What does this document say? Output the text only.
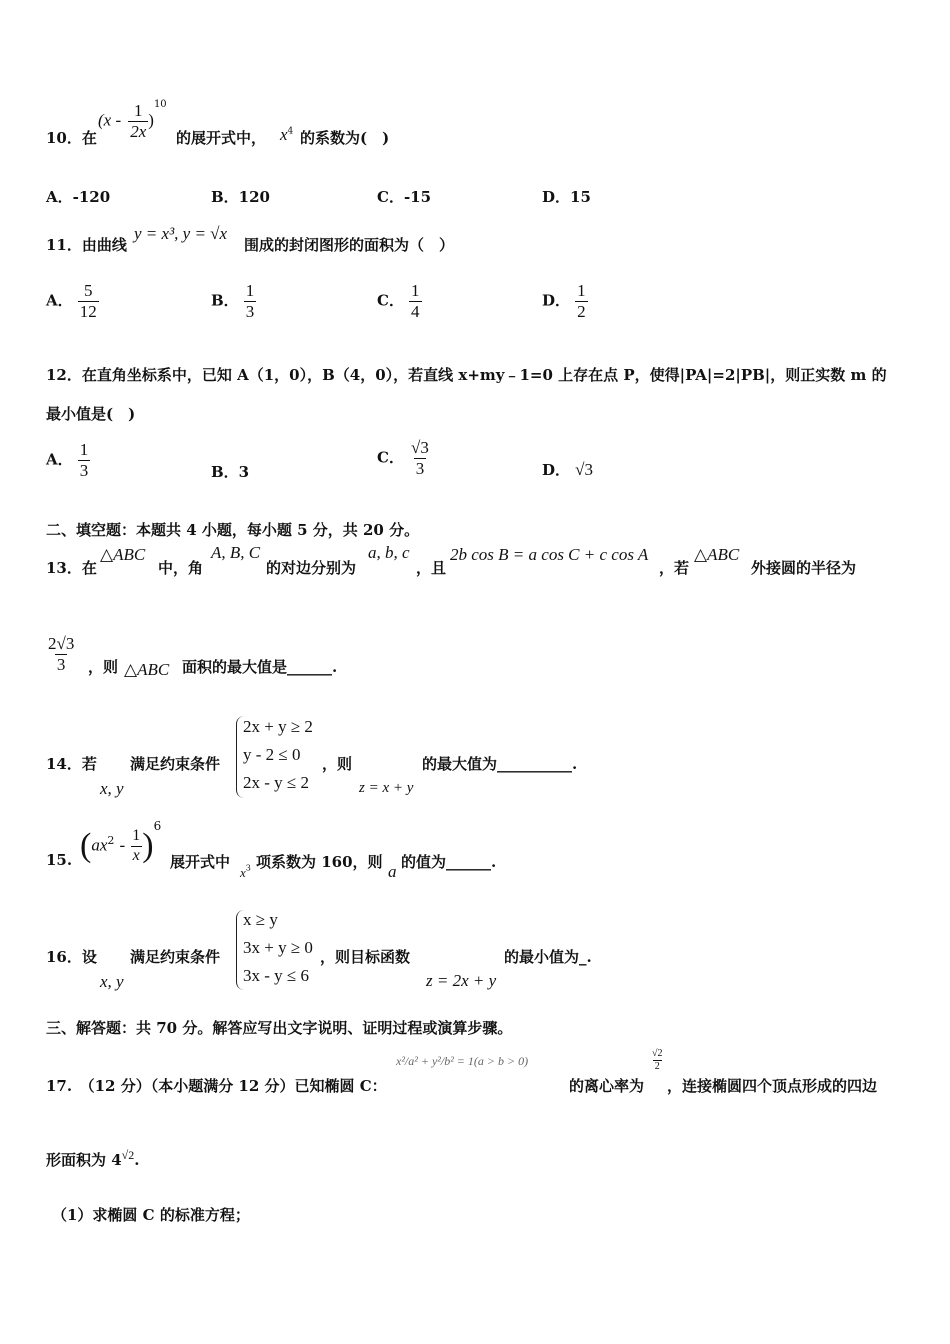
10．在
$(x - \frac{1}{2x} )^{10}$
的展开式中， $x^4$ 的系数为(　)
A．-120	B．120	C．-15	D．15
11．由曲线
y = x³, y = √x
围成的封闭图形的面积为（　）
A． $\frac{5}{12}$	B． $\frac{1}{3}$	C． $\frac{1}{4}$	D． $\frac{1}{2}$
12．在直角坐标系中，已知 A（1，0），B（4，0），若直线 x+my﹣1=0 上存在点 P，使得|PA|=2|PB|，则正实数 m 的
最小值是(　)
A． $\frac{1}{3}$	B．3
C． $\frac{√3}{3}$	D． √3
二、填空题：本题共 4 小题，每小题 5 分，共 20 分。
13．在
△ABC
中，角
A, B, C
的对边分别为
a, b, c
，且
2b cos B = a cos C + c cos A
，若
△ABC
外接圆的半径为
$\frac{2√3}{3}$ ，则 △ABC 面积的最大值是______.
14．若
x, y
满足约束条件
2x + y ≥ 2
y - 2 ≤ 0
2x - y ≤ 2
，则
z = x + y
的最大值为__________.
15. $(ax^2 - \frac{1}{x} )^6$
展开式中
$x^3$ 项系数为 160，则 a 的值为______.
16．设
x, y
满足约束条件
x ≥ y
3x + y ≥ 0
3x - y ≤ 6
，则目标函数
z = 2x + y
的最小值为_.
三、解答题：共 70 分。解答应写出文字说明、证明过程或演算步骤。
17.　（12 分）（本小题满分 12 分）已知椭圆 C：
x²/a² + y²/b² = 1(a > b > 0)
的离心率为
$\frac{√2}{2}$
，连接椭圆四个顶点形成的四边
形面积为 $4^{√2}$.
（1）求椭圆 C 的标准方程；
